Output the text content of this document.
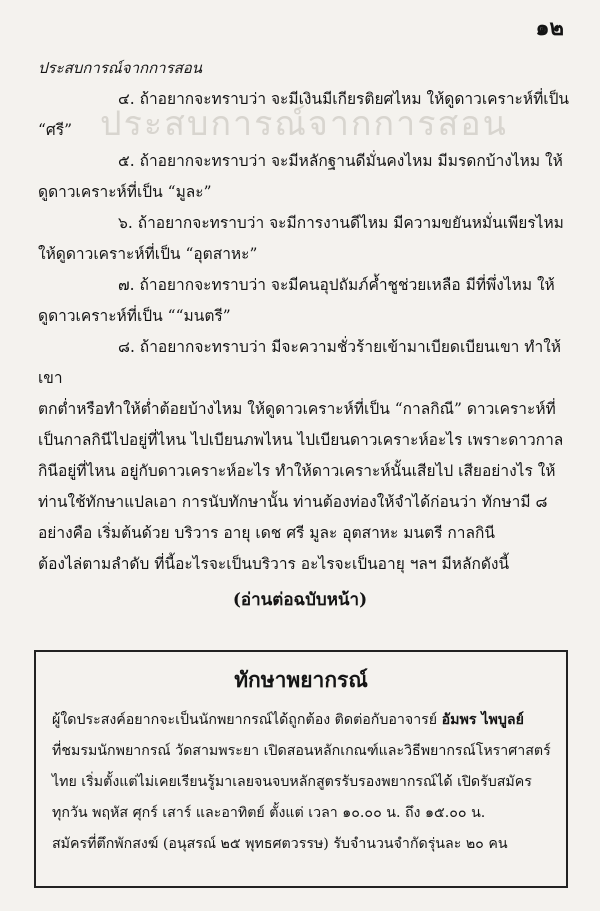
ประสบการณ์จากการสอน
๑๒
ประสบการณ์จากการสอน
๔. ถ้าอยากจะทราบว่า จะมีเงินมีเกียรติยศไหม ให้ดูดาวเคราะห์ที่เป็น
“ศรี”
๕. ถ้าอยากจะทราบว่า จะมีหลักฐานดีมั่นคงไหม มีมรดกบ้างไหม ให้
ดูดาวเคราะห์ที่เป็น “มูละ”
๖. ถ้าอยากจะทราบว่า จะมีการงานดีไหม มีความขยันหมั่นเพียรไหม
ให้ดูดาวเคราะห์ที่เป็น “อุตสาหะ”
๗. ถ้าอยากจะทราบว่า จะมีคนอุปถัมภ์ค้ำชูช่วยเหลือ มีที่พึ่งไหม ให้
ดูดาวเคราะห์ที่เป็น ““มนตรี”
๘. ถ้าอยากจะทราบว่า มีจะความชั่วร้ายเข้ามาเบียดเบียนเขา ทำให้เขา
ตกต่ำหรือทำให้ต่ำต้อยบ้างไหม ให้ดูดาวเคราะห์ที่เป็น “กาลกิณี” ดาวเคราะห์ที่
เป็นกาลกินีไปอยู่ที่ไหน ไปเบียนภพไหน ไปเบียนดาวเคราะห์อะไร เพราะดาวกาล
กินีอยู่ที่ไหน อยู่กับดาวเคราะห์อะไร ทำให้ดาวเคราะห์นั้นเสียไป เสียอย่างไร ให้
ท่านใช้ทักษาแปลเอา การนับทักษานั้น ท่านต้องท่องให้จำได้ก่อนว่า ทักษามี ๘
อย่างคือ เริ่มต้นด้วย บริวาร อายุ เดช ศรี มูละ อุตสาหะ มนตรี กาลกินี
ต้องไล่ตามลำดับ ที่นี้อะไรจะเป็นบริวาร อะไรจะเป็นอายุ ฯลฯ มีหลักดังนี้
(อ่านต่อฉบับหน้า)
ทักษาพยากรณ์
ผู้ใดประสงค์อยากจะเป็นนักพยากรณ์ได้ถูกต้อง ติดต่อกับอาจารย์ อัมพร ไพบูลย์
ที่ชมรมนักพยากรณ์ วัดสามพระยา เปิดสอนหลักเกณฑ์และวิธีพยากรณ์โหราศาสตร์
ไทย เริ่มตั้งแต่ไม่เคยเรียนรู้มาเลยจนจบหลักสูตรรับรองพยากรณ์ได้ เปิดรับสมัคร
ทุกวัน พฤหัส ศุกร์ เสาร์ และอาทิตย์ ตั้งแต่ เวลา ๑๐.๐๐ น. ถึง ๑๕.๐๐ น.
สมัครที่ตึกพักสงฆ์ (อนุสรณ์ ๒๕ พุทธศตวรรษ) รับจำนวนจำกัดรุ่นละ ๒๐ คน
